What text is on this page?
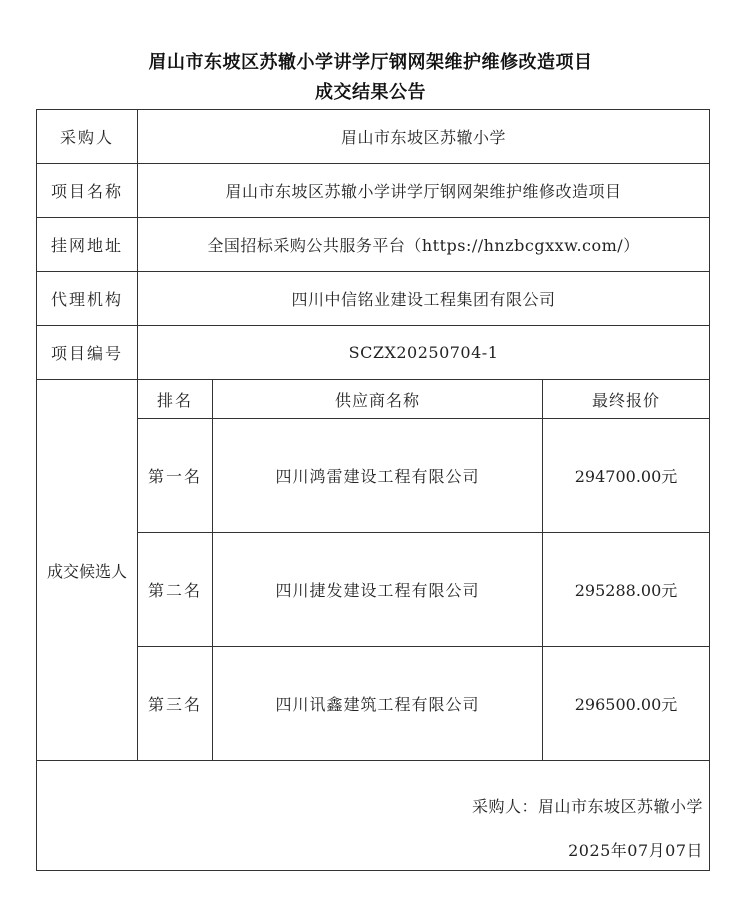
眉山市东坡区苏辙小学讲学厅钢网架维护维修改造项目
成交结果公告
采购人	眉山市东坡区苏辙小学		
项目名称	眉山市东坡区苏辙小学讲学厅钢网架维护维修改造项目		
挂网地址	全国招标采购公共服务平台（https://hnzbcgxxw.com/）		
代理机构	四川中信铭业建设工程集团有限公司		
项目编号	SCZX20250704-1		
成交候选人	排名	供应商名称	最终报价
	第一名	四川鸿雷建设工程有限公司	294700.00元
	第二名	四川捷发建设工程有限公司	295288.00元
	第三名	四川讯鑫建筑工程有限公司	296500.00元

采购人：眉山市东坡区苏辙小学
2025年07月07日			
